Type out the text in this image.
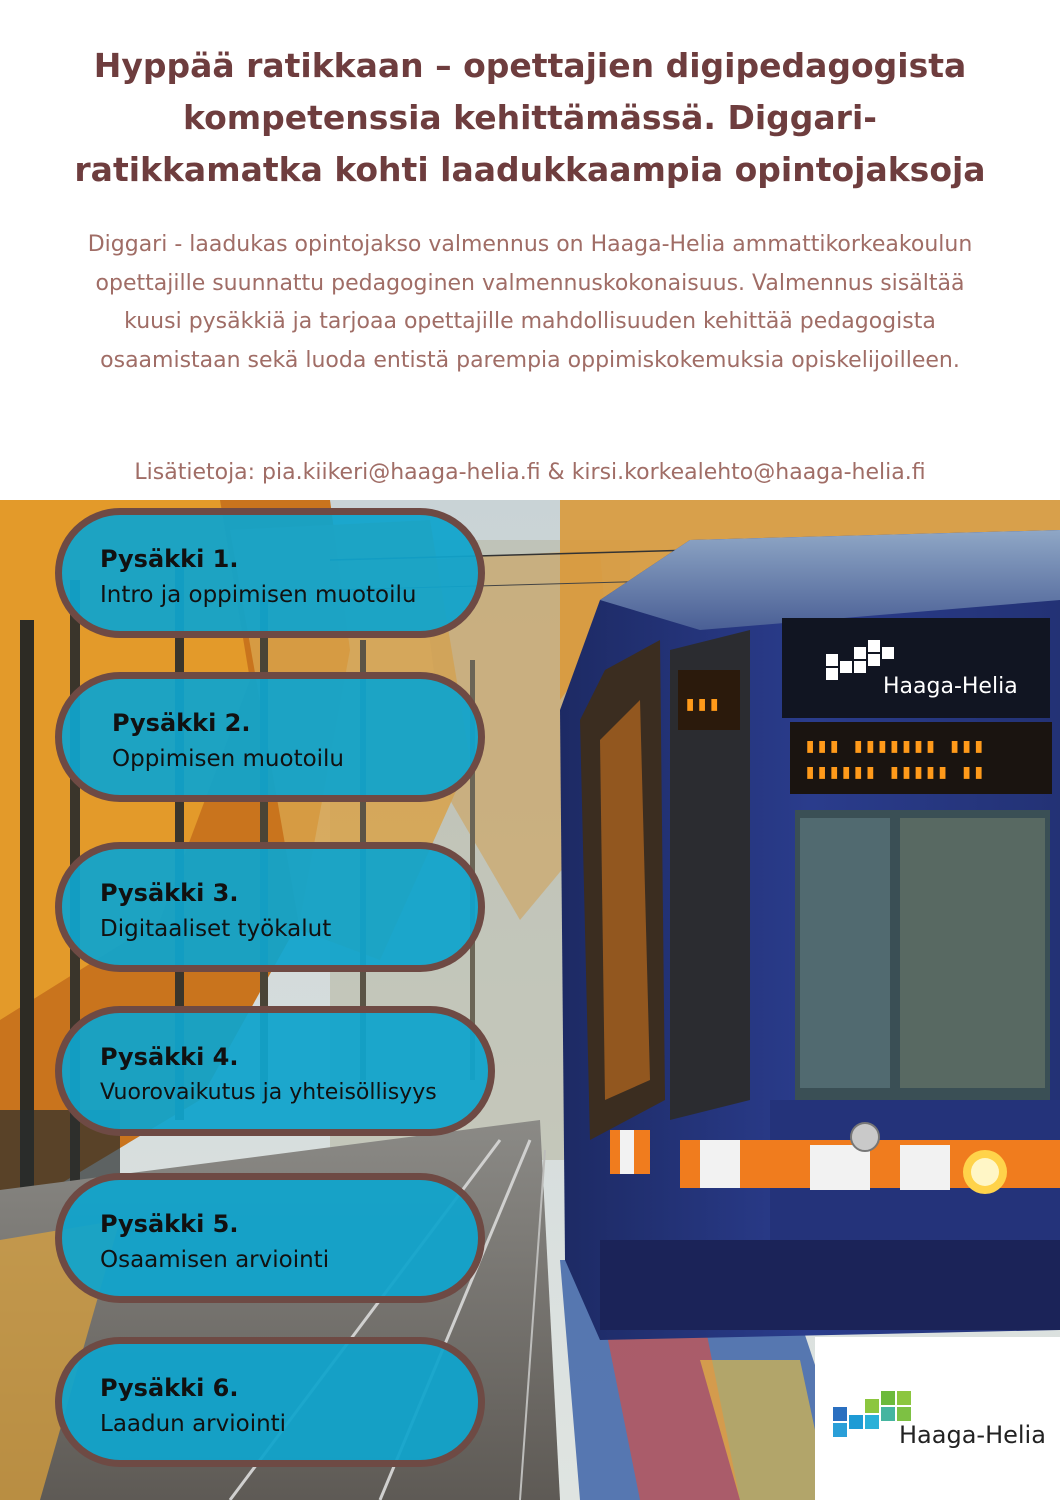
Hyppää ratikkaan – opettajien digipedagogista kompetenssia kehittämässä. Diggari-ratikkamatka kohti laadukkaampia opintojaksoja

Diggari - laadukas opintojakso valmennus on Haaga-Helia ammattikorkeakoulun opettajille suunnattu pedagoginen valmennuskokonaisuus. Valmennus sisältää kuusi pysäkkiä ja tarjoaa opettajille mahdollisuuden kehittää pedagogista osaamistaan sekä luoda entistä parempia oppimiskokemuksia opiskelijoilleen.

Lisätietoja: pia.kiikeri@haaga-helia.fi & kirsi.korkealehto@haaga-helia.fi

▮▮▮ ▮▮▮▮▮▮▮ ▮▮▮
▮▮▮▮▮▮ ▮▮▮▮▮ ▮▮
▮▮▮
Haaga-Helia
Pysäkki 1.
Intro ja oppimisen muotoilu
Pysäkki 2.
Oppimisen muotoilu
Pysäkki 3.
Digitaaliset työkalut
Pysäkki 4.
Vuorovaikutus ja yhteisöllisyys
Pysäkki 5.
Osaamisen arviointi
Pysäkki 6.
Laadun arviointi	Haaga-Helia
